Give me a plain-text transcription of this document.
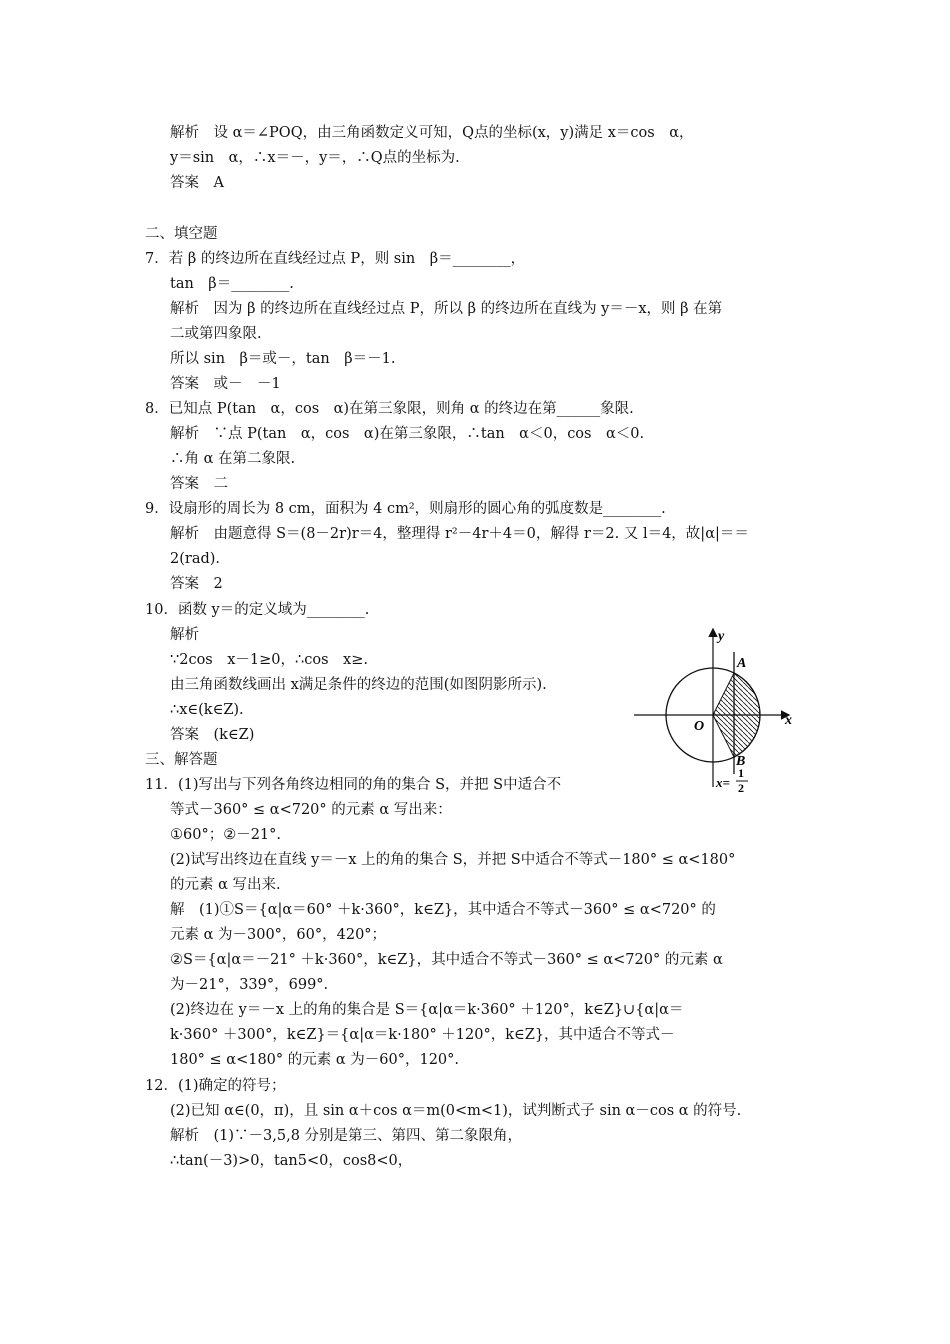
解析　设 α＝∠POQ，由三角函数定义可知，Q点的坐标(x，y)满足 x＝cos　α，
y＝sin　α，∴x＝－，y＝，∴Q点的坐标为.
答案　A
二、填空题
7．若 β 的终边所在直线经过点 P，则 sin　β＝________，
tan　β＝________.
解析　因为 β 的终边所在直线经过点 P，所以 β 的终边所在直线为 y＝－x，则 β 在第
二或第四象限.
所以 sin　β＝或－，tan　β＝－1.
答案　或－　－1
8．已知点 P(tan　α，cos　α)在第三象限，则角 α 的终边在第______象限.
解析　∵点 P(tan　α，cos　α)在第三象限，∴tan　α＜0，cos　α＜0.
∴角 α 在第二象限.
答案　二
9．设扇形的周长为 8 cm，面积为 4 cm²，则扇形的圆心角的弧度数是________.
解析　由题意得 S＝(8－2r)r＝4，整理得 r²－4r＋4＝0，解得 r＝2. 又 l＝4，故|α|＝＝
2(rad).
答案　2
10．函数 y＝的定义域为________.
解析
∵2cos　x－1≥0，∴cos　x≥.
由三角函数线画出 x满足条件的终边的范围(如图阴影所示).
∴x∈(k∈Z).
答案　(k∈Z)
三、解答题
11．(1)写出与下列各角终边相同的角的集合 S，并把 S中适合不
等式－360° ≤ α<720° 的元素 α 写出来：
①60°；②－21°.
(2)试写出终边在直线 y＝－x 上的角的集合 S，并把 S中适合不等式－180° ≤ α<180°
的元素 α 写出来.
解　(1)①S＝{α|α＝60° ＋k·360°，k∈Z}，其中适合不等式－360° ≤ α<720° 的
元素 α 为－300°，60°，420°；
②S＝{α|α＝－21° ＋k·360°，k∈Z}，其中适合不等式－360° ≤ α<720° 的元素 α
为－21°，339°，699°.
(2)终边在 y＝－x 上的角的集合是 S＝{α|α＝k·360° ＋120°，k∈Z}∪{α|α＝
k·360° ＋300°，k∈Z}＝{α|α＝k·180° ＋120°，k∈Z}，其中适合不等式－
180° ≤ α<180° 的元素 α 为－60°，120°.
12．(1)确定的符号；
(2)已知 α∈(0，π)，且 sin α＋cos α＝m(0<m<1)，试判断式子 sin α－cos α 的符号.
解析　(1)∵－3,5,8 分别是第三、第四、第二象限角，
∴tan(－3)>0，tan5<0，cos8<0，
y
x
O
A
B
x=
1
2
